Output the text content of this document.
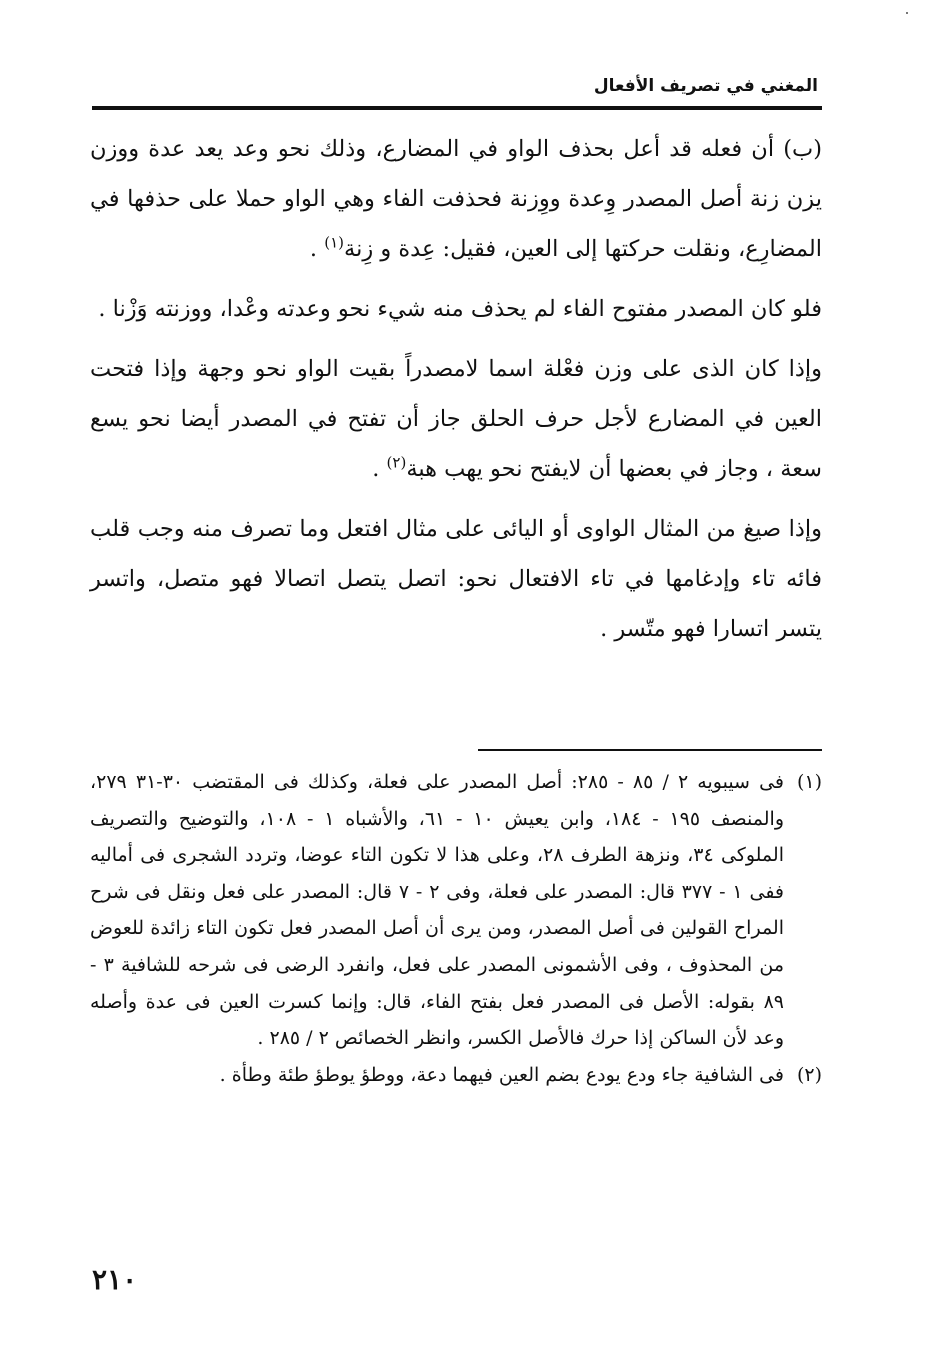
المغني في تصريف الأفعال

(ب) أن فعله قد أعل بحذف الواو في المضارع، وذلك نحو وعد يعد عدة ووزن يزن زنة أصل المصدر وِعدة ووِزنة فحذفت الفاء وهي الواو حملا على حذفها في المضارِع، ونقلت حركتها إلى العين، فقيل: عِدة و زِنة$^{(١)}$ .

فلو كان المصدر مفتوح الفاء لم يحذف منه شيء نحو وعدته وعْدا، ووزنته وَزْنا .

وإذا كان الذى على وزن فعْلة اسما لامصدراً بقيت الواو نحو وجهة وإذا فتحت العين في المضارع لأجل حرف الحلق جاز أن تفتح في المصدر أيضا نحو يسع سعة ، وجاز في بعضها أن لايفتح نحو يهب هبة$^{(٢)}$ .

وإذا صيغ من المثال الواوى أو اليائى على مثال افتعل وما تصرف منه وجب قلب فائه تاء وإدغامها في تاء الافتعال نحو: اتصل يتصل اتصالا فهو متصل، واتسر يتسر اتسارا فهو متّسر .

(١)
فى سيبويه ٢ / ٨٥ - ٢٨٥: أصل المصدر على فعلة، وكذلك فى المقتضب ٣٠-٣١ ٢٧٩، والمنصف ١٩٥ - ١٨٤، وابن يعيش ١٠ - ٦١، والأشباه ١ - ١٠٨، والتوضيح والتصريف الملوكى ٣٤، ونزهة الطرف ٢٨، وعلى هذا لا تكون التاء عوضا، وتردد الشجرى فى أماليه ففى ١ - ٣٧٧ قال: المصدر على فعلة، وفى ٢ - ٧ قال: المصدر على فعل ونقل فى شرح المراح القولين فى أصل المصدر، ومن يرى أن أصل المصدر فعل تكون التاء زائدة للعوض من المحذوف ، وفى الأشمونى المصدر على فعل، وانفرد الرضى فى شرحه للشافية ٣ - ٨٩ بقوله: الأصل فى المصدر فعل بفتح الفاء، قال: وإنما كسرت العين فى عدة وأصله وعد لأن الساكن إذا حرك فالأصل الكسر، وانظر الخصائص ٢ / ٢٨٥ .

(٢)
فى الشافية جاء ودع يودع بضم العين فيهما دعة، ووطؤ يوطؤ طئة وطأة .

٢١٠
